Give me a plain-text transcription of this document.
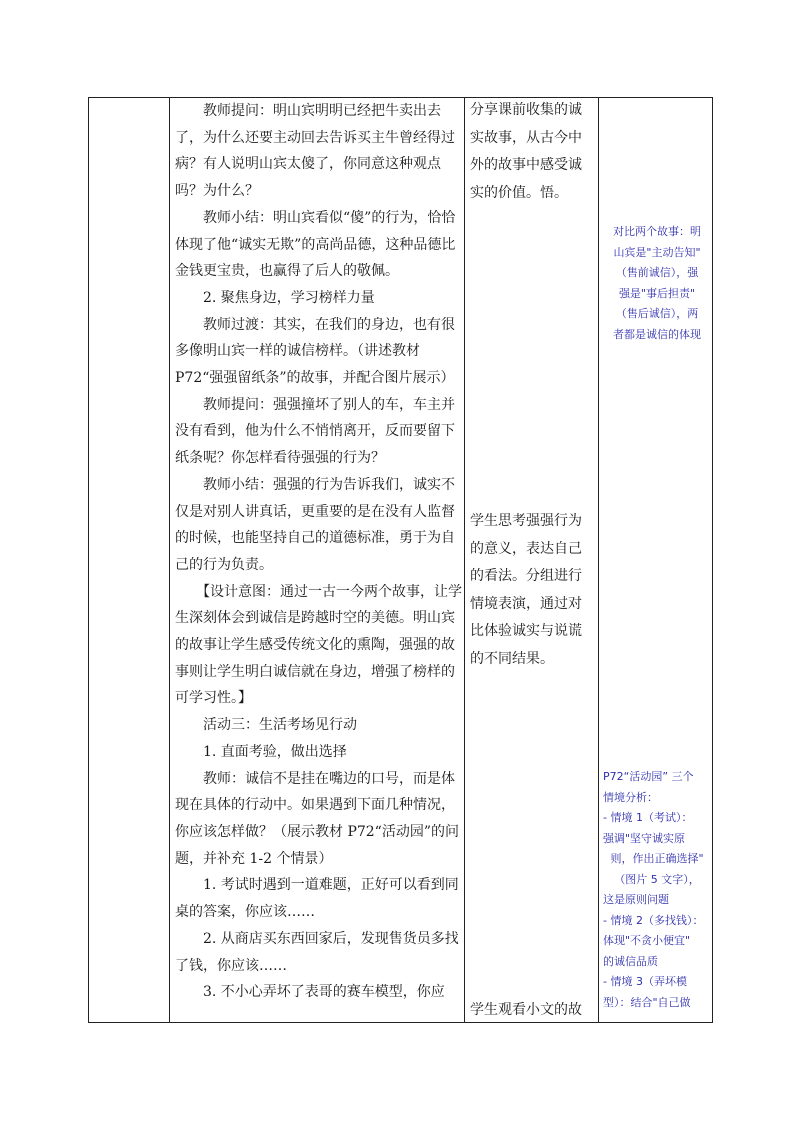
教师提问：明山宾明明已经把牛卖出去了，为什么还要主动回去告诉买主牛曾经得过病？有人说明山宾太傻了，你同意这种观点吗？为什么？

教师小结：明山宾看似“傻”的行为，恰恰体现了他“诚实无欺”的高尚品德，这种品德比金钱更宝贵，也赢得了后人的敬佩。

2. 聚焦身边，学习榜样力量

教师过渡：其实，在我们的身边，也有很多像明山宾一样的诚信榜样。（讲述教材 P72“强强留纸条”的故事，并配合图片展示）

教师提问：强强撞坏了别人的车，车主并没有看到，他为什么不悄悄离开，反而要留下纸条呢？你怎样看待强强的行为？

教师小结：强强的行为告诉我们，诚实不仅是对别人讲真话，更重要的是在没有人监督的时候，也能坚持自己的道德标准，勇于为自己的行为负责。

【设计意图：通过一古一今两个故事，让学生深刻体会到诚信是跨越时空的美德。明山宾的故事让学生感受传统文化的熏陶，强强的故事则让学生明白诚信就在身边，增强了榜样的可学习性。】

活动三：生活考场见行动

1. 直面考验，做出选择

教师：诚信不是挂在嘴边的口号，而是体现在具体的行动中。如果遇到下面几种情况，你应该怎样做？（展示教材 P72“活动园”的问题，并补充 1-2 个情景）

1. 考试时遇到一道难题，正好可以看到同桌的答案，你应该……

2. 从商店买东西回家后，发现售货员多找了钱，你应该……

3. 不小心弄坏了表哥的赛车模型，你应

分享课前收集的诚

实故事，从古今中

外的故事中感受诚

实的价值。悟。

学生思考强强行为

的意义，表达自己

的看法。分组进行

情境表演，通过对

比体验诚实与说谎

的不同结果。

学生观看小文的故

对比两个故事：明

山宾是"主动告知"

（售前诚信），强

强是"事后担责"

（售后诚信），两

者都是诚信的体现

P72“活动园” 三个

情境分析：

- 情境 1（考试）：

强调"坚守诚实原

则，作出正确选择"

（图片 5 文字），

这是原则问题

- 情境 2（多找钱）：

体现"不贪小便宜"

的诚信品质

- 情境 3（弄坏模

型）：结合"自己做
